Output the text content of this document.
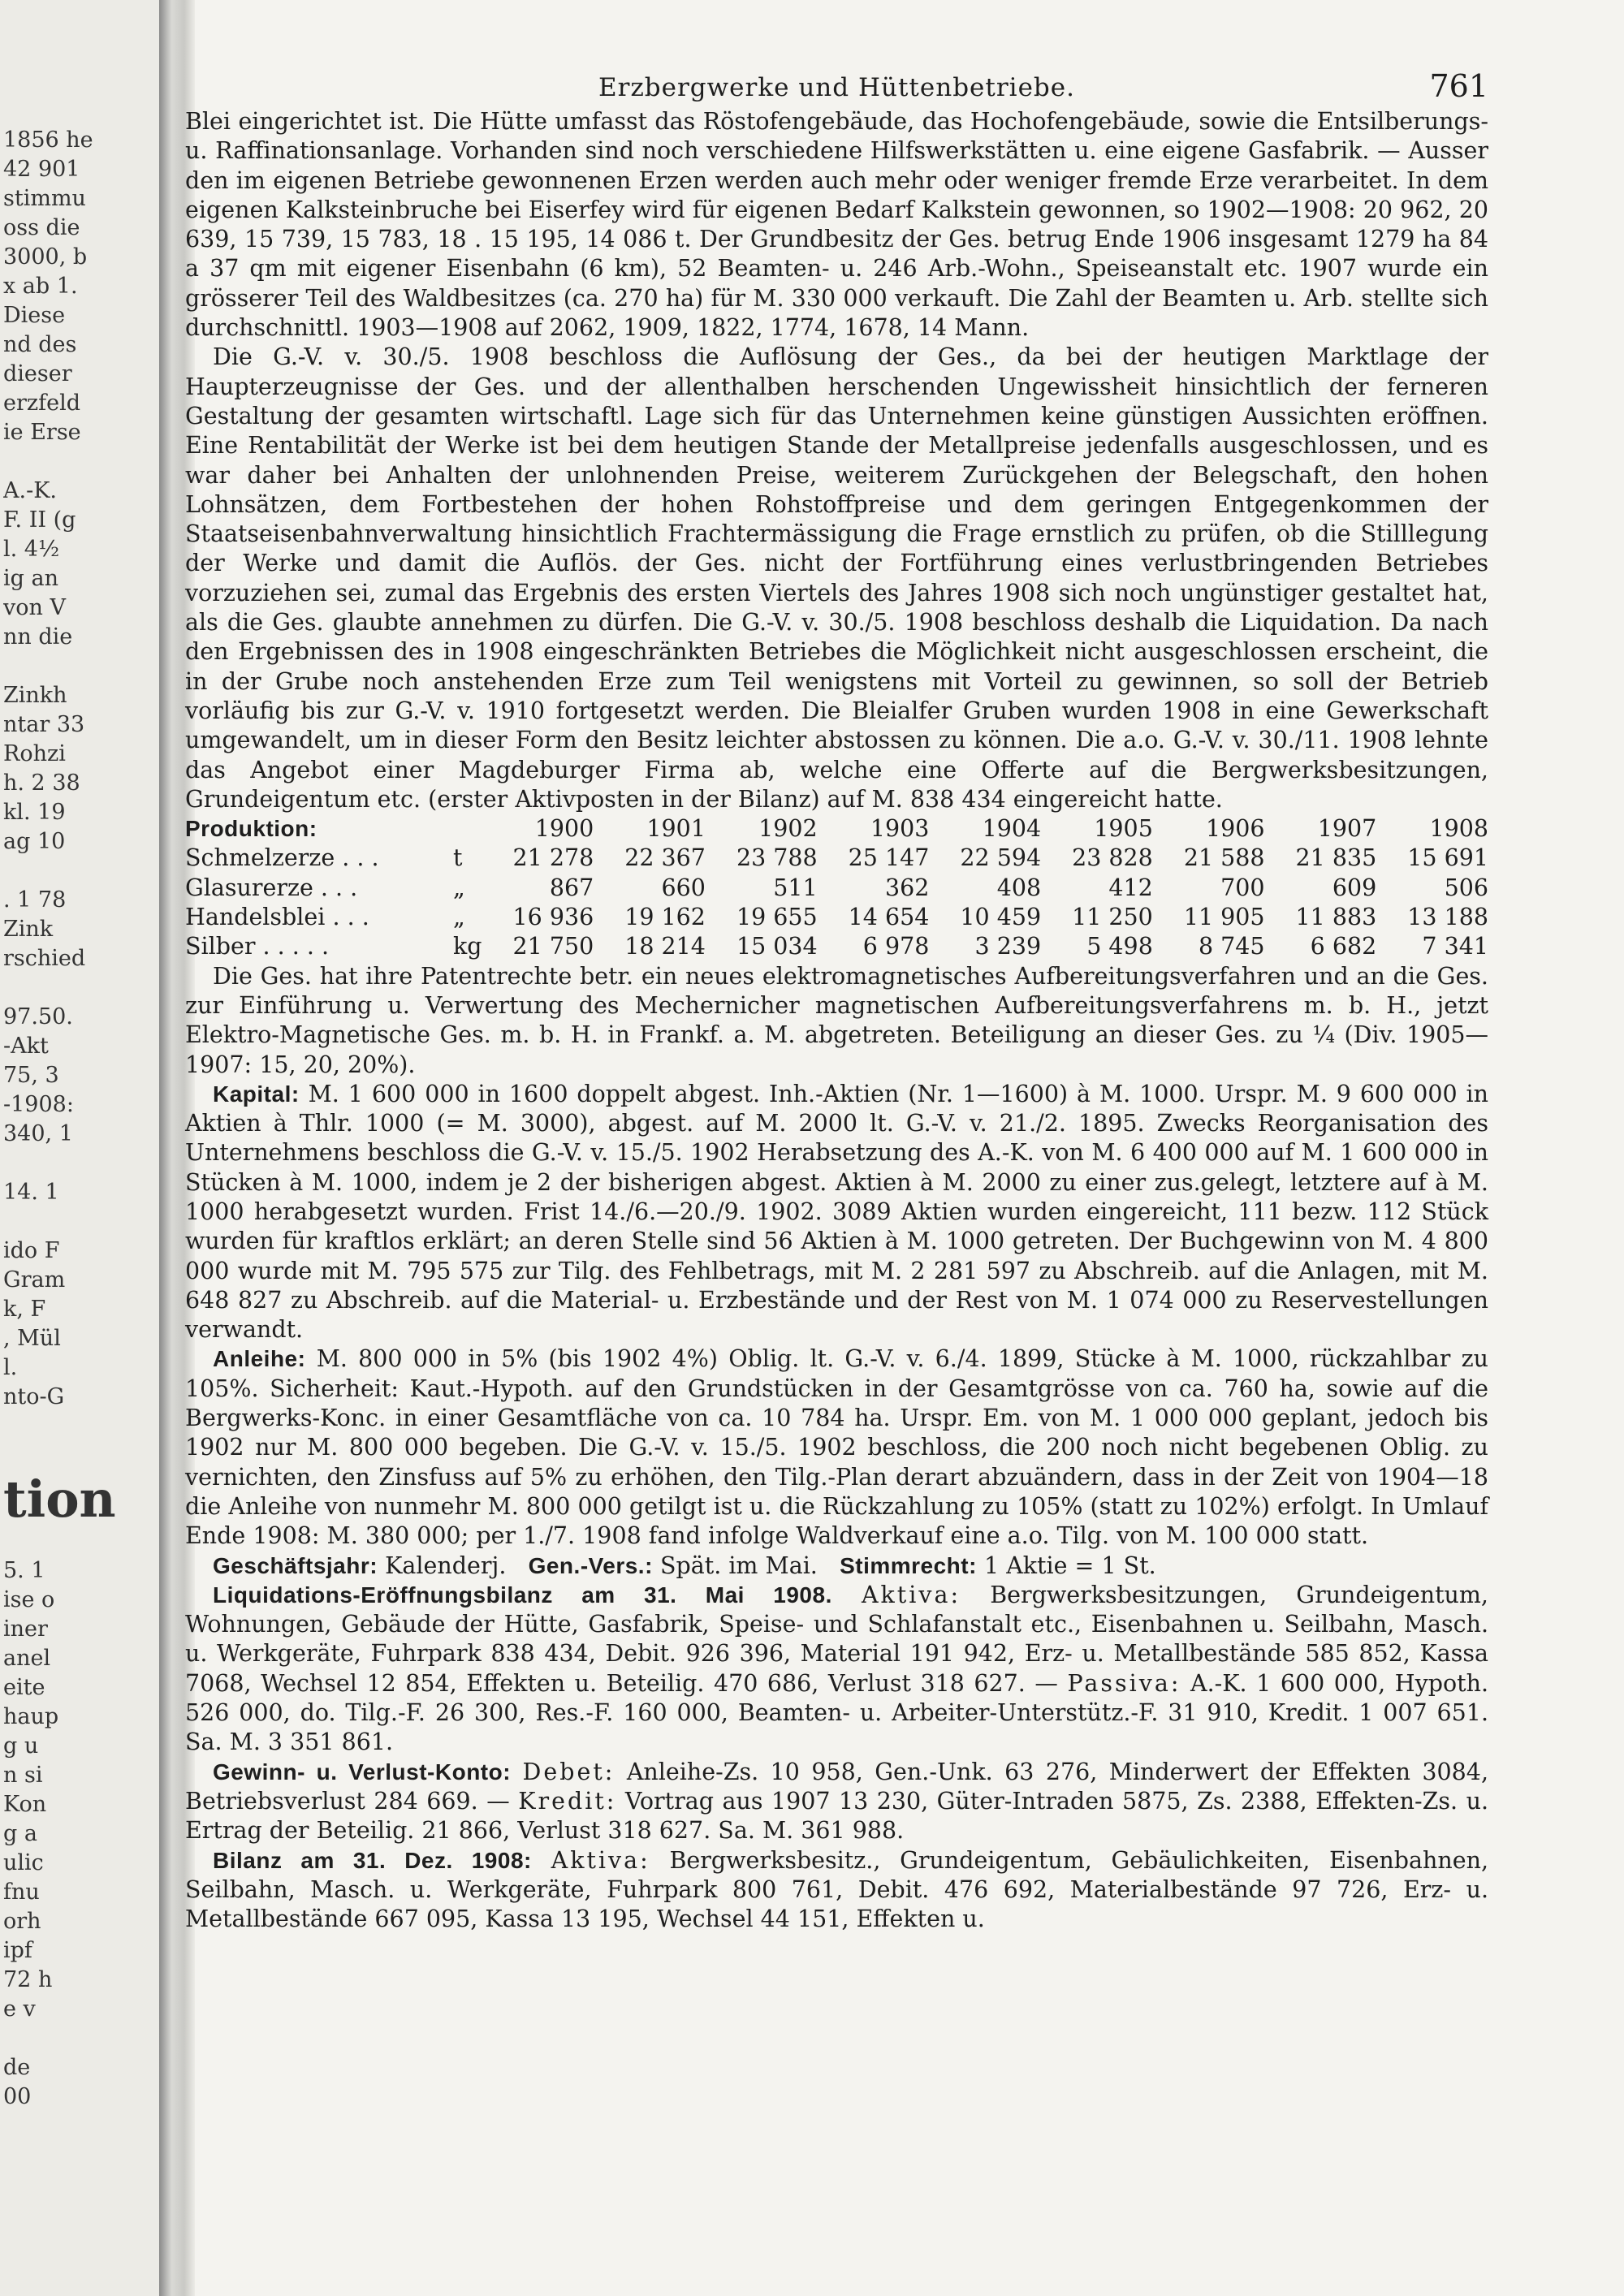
1856 he
42 901
stimmu
oss die
3000, b
x ab 1.
Diese
nd des
dieser
erzfeld
ie Erse
A.-K.
F. II (g
l. 4½
ig an
von V
nn die
Zinkh
ntar 33
Rohzi
h. 2 38
kl. 19
ag 10
. 1 78
Zink
rschied
97.50.
-Akt
75, 3
-1908:
340, 1
14. 1
ido F
Gram
k, F
, Mül
l.
nto-G
tion
5. 1
ise o
iner
anel
eite
haup
g u
n si
Kon
g a
ulic
fnu
orh
ipf
72 h
e v
de
00
Erzbergwerke und Hüttenbetriebe.	761

Blei eingerichtet ist. Die Hütte umfasst das Röstofengebäude, das Hochofengebäude, sowie die Entsilberungs- u. Raffinationsanlage. Vorhanden sind noch verschiedene Hilfswerkstätten u. eine eigene Gasfabrik. — Ausser den im eigenen Betriebe gewonnenen Erzen werden auch mehr oder weniger fremde Erze verarbeitet. In dem eigenen Kalksteinbruche bei Eiserfey wird für eigenen Bedarf Kalkstein gewonnen, so 1902—1908: 20 962, 20 639, 15 739, 15 783, 18 . 15 195, 14 086 t. Der Grundbesitz der Ges. betrug Ende 1906 insgesamt 1279 ha 84 a 37 qm mit eigener Eisenbahn (6 km), 52 Beamten- u. 246 Arb.-Wohn., Speiseanstalt etc. 1907 wurde ein grösserer Teil des Waldbesitzes (ca. 270 ha) für M. 330 000 verkauft. Die Zahl der Beamten u. Arb. stellte sich durchschnittl. 1903—1908 auf 2062, 1909, 1822, 1774, 1678, 14 Mann.

Die G.-V. v. 30./5. 1908 beschloss die Auflösung der Ges., da bei der heutigen Marktlage der Haupterzeugnisse der Ges. und der allenthalben herschenden Ungewissheit hinsichtlich der ferneren Gestaltung der gesamten wirtschaftl. Lage sich für das Unternehmen keine günstigen Aussichten eröffnen. Eine Rentabilität der Werke ist bei dem heutigen Stande der Metallpreise jedenfalls ausgeschlossen, und es war daher bei Anhalten der unlohnenden Preise, weiterem Zurückgehen der Belegschaft, den hohen Lohnsätzen, dem Fortbestehen der hohen Rohstoffpreise und dem geringen Entgegenkommen der Staatseisenbahnverwaltung hinsichtlich Frachtermässigung die Frage ernstlich zu prüfen, ob die Stilllegung der Werke und damit die Auflös. der Ges. nicht der Fortführung eines verlustbringenden Betriebes vorzuziehen sei, zumal das Ergebnis des ersten Viertels des Jahres 1908 sich noch ungünstiger gestaltet hat, als die Ges. glaubte annehmen zu dürfen. Die G.-V. v. 30./5. 1908 beschloss deshalb die Liquidation. Da nach den Ergebnissen des in 1908 eingeschränkten Betriebes die Möglichkeit nicht ausgeschlossen erscheint, die in der Grube noch anstehenden Erze zum Teil wenigstens mit Vorteil zu gewinnen, so soll der Betrieb vorläufig bis zur G.-V. v. 1910 fortgesetzt werden. Die Bleialfer Gruben wurden 1908 in eine Gewerkschaft umgewandelt, um in dieser Form den Besitz leichter abstossen zu können. Die a.o. G.-V. v. 30./11. 1908 lehnte das Angebot einer Magdeburger Firma ab, welche eine Offerte auf die Bergwerksbesitzungen, Grundeigentum etc. (erster Aktivposten in der Bilanz) auf M. 838 434 eingereicht hatte.

Produktion:		1900	1901	1902	1903	1904	1905	1906	1907	1908
Schmelzerze . . .	t	21 278	22 367	23 788	25 147	22 594	23 828	21 588	21 835	15 691
Glasurerze . . .	„	867	660	511	362	408	412	700	609	506
Handelsblei . . .	„	16 936	19 162	19 655	14 654	10 459	11 250	11 905	11 883	13 188
Silber . . . . .	kg	21 750	18 214	15 034	6 978	3 239	5 498	8 745	6 682	7 341

Die Ges. hat ihre Patentrechte betr. ein neues elektromagnetisches Aufbereitungsverfahren und an die Ges. zur Einführung u. Verwertung des Mechernicher magnetischen Aufbereitungsverfahrens m. b. H., jetzt Elektro-Magnetische Ges. m. b. H. in Frankf. a. M. abgetreten. Beteiligung an dieser Ges. zu ¼ (Div. 1905—1907: 15, 20, 20%).

Kapital: M. 1 600 000 in 1600 doppelt abgest. Inh.-Aktien (Nr. 1—1600) à M. 1000. Urspr. M. 9 600 000 in Aktien à Thlr. 1000 (= M. 3000), abgest. auf M. 2000 lt. G.-V. v. 21./2. 1895. Zwecks Reorganisation des Unternehmens beschloss die G.-V. v. 15./5. 1902 Herabsetzung des A.-K. von M. 6 400 000 auf M. 1 600 000 in Stücken à M. 1000, indem je 2 der bisherigen abgest. Aktien à M. 2000 zu einer zus.gelegt, letztere auf à M. 1000 herabgesetzt wurden. Frist 14./6.—20./9. 1902. 3089 Aktien wurden eingereicht, 111 bezw. 112 Stück wurden für kraftlos erklärt; an deren Stelle sind 56 Aktien à M. 1000 getreten. Der Buchgewinn von M. 4 800 000 wurde mit M. 795 575 zur Tilg. des Fehlbetrags, mit M. 2 281 597 zu Abschreib. auf die Anlagen, mit M. 648 827 zu Abschreib. auf die Material- u. Erzbestände und der Rest von M. 1 074 000 zu Reservestellungen verwandt.

Anleihe: M. 800 000 in 5% (bis 1902 4%) Oblig. lt. G.-V. v. 6./4. 1899, Stücke à M. 1000, rückzahlbar zu 105%. Sicherheit: Kaut.-Hypoth. auf den Grundstücken in der Gesamtgrösse von ca. 760 ha, sowie auf die Bergwerks-Konc. in einer Gesamtfläche von ca. 10 784 ha. Urspr. Em. von M. 1 000 000 geplant, jedoch bis 1902 nur M. 800 000 begeben. Die G.-V. v. 15./5. 1902 beschloss, die 200 noch nicht begebenen Oblig. zu vernichten, den Zinsfuss auf 5% zu erhöhen, den Tilg.-Plan derart abzuändern, dass in der Zeit von 1904—18 die Anleihe von nunmehr M. 800 000 getilgt ist u. die Rückzahlung zu 105% (statt zu 102%) erfolgt. In Umlauf Ende 1908: M. 380 000; per 1./7. 1908 fand infolge Waldverkauf eine a.o. Tilg. von M. 100 000 statt.

Geschäftsjahr: Kalenderj. Gen.-Vers.: Spät. im Mai. Stimmrecht: 1 Aktie = 1 St.

Liquidations-Eröffnungsbilanz am 31. Mai 1908. Aktiva: Bergwerksbesitzungen, Grundeigentum, Wohnungen, Gebäude der Hütte, Gasfabrik, Speise- und Schlafanstalt etc., Eisenbahnen u. Seilbahn, Masch. u. Werkgeräte, Fuhrpark 838 434, Debit. 926 396, Material 191 942, Erz- u. Metallbestände 585 852, Kassa 7068, Wechsel 12 854, Effekten u. Beteilig. 470 686, Verlust 318 627. — Passiva: A.-K. 1 600 000, Hypoth. 526 000, do. Tilg.-F. 26 300, Res.-F. 160 000, Beamten- u. Arbeiter-Unterstütz.-F. 31 910, Kredit. 1 007 651. Sa. M. 3 351 861.

Gewinn- u. Verlust-Konto: Debet: Anleihe-Zs. 10 958, Gen.-Unk. 63 276, Minderwert der Effekten 3084, Betriebsverlust 284 669. — Kredit: Vortrag aus 1907 13 230, Güter-Intraden 5875, Zs. 2388, Effekten-Zs. u. Ertrag der Beteilig. 21 866, Verlust 318 627. Sa. M. 361 988.

Bilanz am 31. Dez. 1908: Aktiva: Bergwerksbesitz., Grundeigentum, Gebäulichkeiten, Eisenbahnen, Seilbahn, Masch. u. Werkgeräte, Fuhrpark 800 761, Debit. 476 692, Materialbestände 97 726, Erz- u. Metallbestände 667 095, Kassa 13 195, Wechsel 44 151, Effekten u.
